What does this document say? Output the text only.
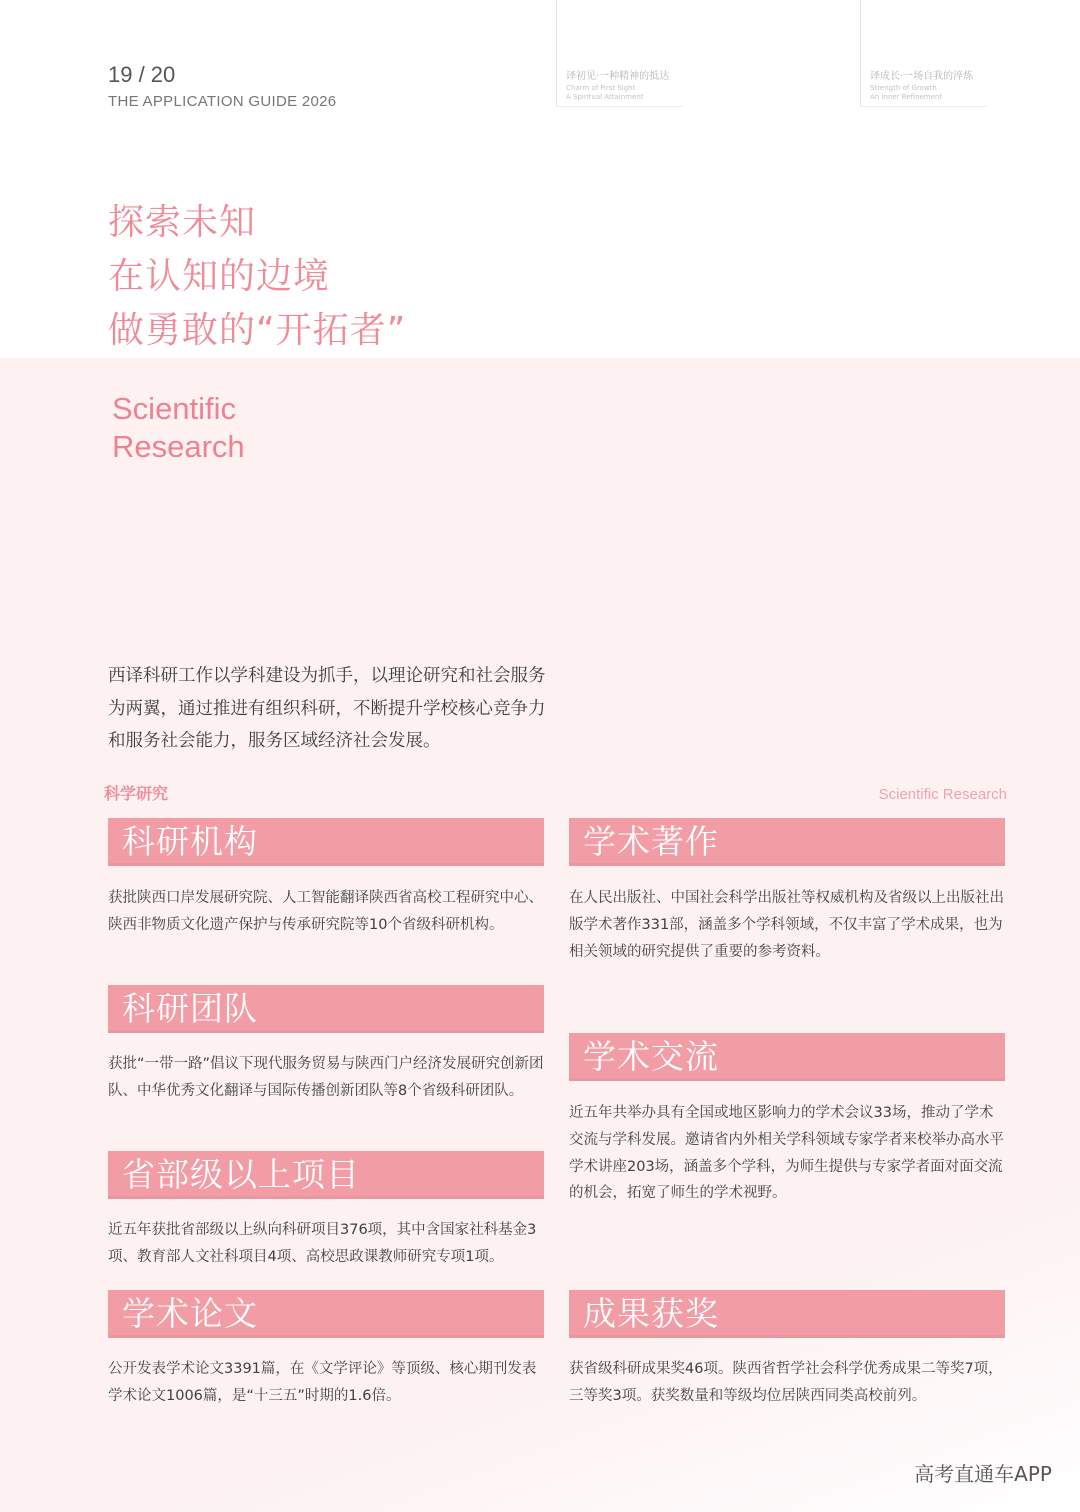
19 / 20
THE APPLICATION GUIDE 2026
译初见·一种精神的抵达
Charm of First Sight
A Spiritual Attainment
译成长·一场自我的淬炼
Strength of Growth
An Inner Refinement
探索未知
在认知的边境
做勇敢的“开拓者”
Scientific
Research
西译科研工作以学科建设为抓手，以理论研究和社会服务为两翼，通过推进有组织科研，不断提升学校核心竞争力和服务社会能力，服务区域经济社会发展。
科学研究	Scientific Research
科研机构
获批陕西口岸发展研究院、人工智能翻译陕西省高校工程研究中心、陕西非物质文化遗产保护与传承研究院等10个省级科研机构。
学术著作
在人民出版社、中国社会科学出版社等权威机构及省级以上出版社出版学术著作331部，涵盖多个学科领域，不仅丰富了学术成果，也为相关领域的研究提供了重要的参考资料。
科研团队
获批“一带一路”倡议下现代服务贸易与陕西门户经济发展研究创新团队、中华优秀文化翻译与国际传播创新团队等8个省级科研团队。
学术交流
近五年共举办具有全国或地区影响力的学术会议33场，推动了学术交流与学科发展。邀请省内外相关学科领域专家学者来校举办高水平学术讲座203场，涵盖多个学科，为师生提供与专家学者面对面交流的机会，拓宽了师生的学术视野。
省部级以上项目
近五年获批省部级以上纵向科研项目376项，其中含国家社科基金3项、教育部人文社科项目4项、高校思政课教师研究专项1项。
学术论文
公开发表学术论文3391篇，在《文学评论》等顶级、核心期刊发表学术论文1006篇，是“十三五”时期的1.6倍。
成果获奖
获省级科研成果奖46项。陕西省哲学社会科学优秀成果二等奖7项，三等奖3项。获奖数量和等级均位居陕西同类高校前列。
高考直通车APP
